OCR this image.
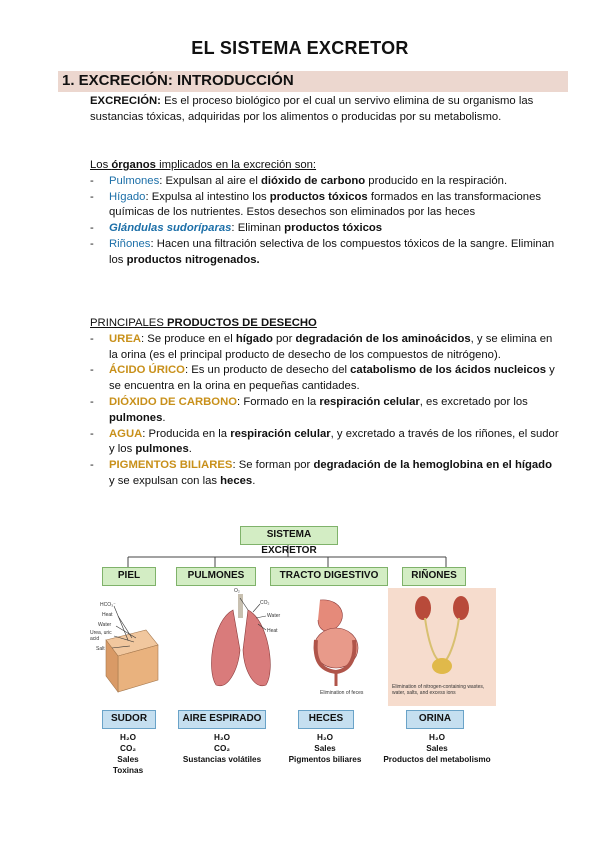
EL SISTEMA EXCRETOR
1. EXCRECIÓN: INTRODUCCIÓN
EXCRECIÓN: Es el proceso biológico por el cual un servivo elimina de su organismo las sustancias tóxicas, adquiridas por los alimentos o producidas por su metabolismo.
Los órganos implicados en la excreción son:
- Pulmones: Expulsan al aire el dióxido de carbono producido en la respiración.
- Hígado: Expulsa al intestino los productos tóxicos formados en las transformaciones químicas de los nutrientes. Estos desechos son eliminados por las heces
- Glándulas sudoríparas: Eliminan productos tóxicos
- Riñones: Hacen una filtración selectiva de los compuestos tóxicos de la sangre. Eliminan los productos nitrogenados.
PRINCIPALES PRODUCTOS DE DESECHO
- UREA: Se produce en el hígado por degradación de los aminoácidos, y se elimina en la orina (es el principal producto de desecho de los compuestos de nitrógeno).
- ÁCIDO ÚRICO: Es un producto de desecho del catabolismo de los ácidos nucleicos y se encuentra en la orina en pequeñas cantidades.
- DIÓXIDO DE CARBONO: Formado en la respiración celular, es excretado por los pulmones.
- AGUA: Producida en la respiración celular, y excretado a través de los riñones, el sudor y los pulmones.
- PIGMENTOS BILIARES: Se forman por degradación de la hemoglobina en el hígado y se expulsan con las heces.
SISTEMA EXCRETOR
PIEL	PULMONES	TRACTO DIGESTIVO	RIÑONES
HCO₃⁻
Heat
Water
Urea, uric acid
Salt
O₂
CO₂
Water
Heat
Elimination of feces
Elimination of nitrogen-containing wastes, water, salts, and excess ions
SUDOR	AIRE ESPIRADO	HECES	ORINA
H₂O
CO₂
Sales
Toxinas
H₂O
CO₂
Sustancias volátiles
H₂O
Sales
Pigmentos biliares
H₂O
Sales
Productos del metabolismo
